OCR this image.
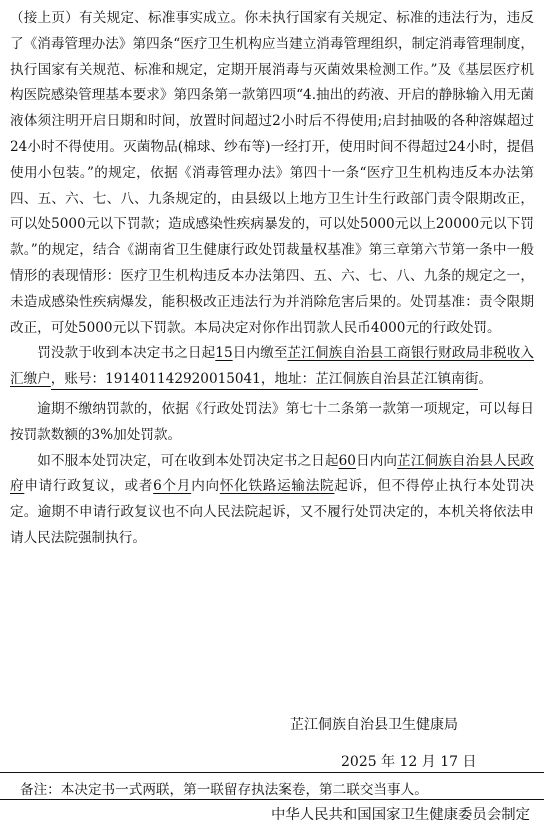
（接上页）有关规定、标准事实成立。你未执行国家有关规定、标准的违法行为，违反了《消毒管理办法》第四条“医疗卫生机构应当建立消毒管理组织，制定消毒管理制度，执行国家有关规范、标准和规定，定期开展消毒与灭菌效果检测工作。”及《基层医疗机构医院感染管理基本要求》第四条第一款第四项“4.抽出的药液、开启的静脉输入用无菌液体须注明开启日期和时间，放置时间超过2小时后不得使用;启封抽吸的各种溶媒超过24小时不得使用。灭菌物品(棉球、纱布等)一经打开，使用时间不得超过24小时，提倡使用小包装。”的规定，依据《消毒管理办法》第四十一条“医疗卫生机构违反本办法第四、五、六、七、八、九条规定的，由县级以上地方卫生计生行政部门责令限期改正，可以处5000元以下罚款；造成感染性疾病暴发的，可以处5000元以上20000元以下罚款。”的规定，结合《湖南省卫生健康行政处罚裁量权基准》第三章第六节第一条中一般情形的表现情形：医疗卫生机构违反本办法第四、五、六、七、八、九条的规定之一，未造成感染性疾病爆发，能积极改正违法行为并消除危害后果的。处罚基准：责令限期改正，可处5000元以下罚款。本局决定对你作出罚款人民币4000元的行政处罚。

罚没款于收到本决定书之日起15日内缴至芷江侗族自治县工商银行财政局非税收入汇缴户，账号：191401142920015041，地址：芷江侗族自治县芷江镇南街。

逾期不缴纳罚款的，依据《行政处罚法》第七十二条第一款第一项规定，可以每日按罚款数额的3%加处罚款。

如不服本处罚决定，可在收到本处罚决定书之日起60日内向芷江侗族自治县人民政府申请行政复议，或者6个月内向怀化铁路运输法院起诉，但不得停止执行本处罚决定。逾期不申请行政复议也不向人民法院起诉，又不履行处罚决定的，本机关将依法申请人民法院强制执行。

芷江侗族自治县卫生健康局
2025 年 12 月 17 日
备注：本决定书一式两联，第一联留存执法案卷，第二联交当事人。
中华人民共和国国家卫生健康委员会制定
